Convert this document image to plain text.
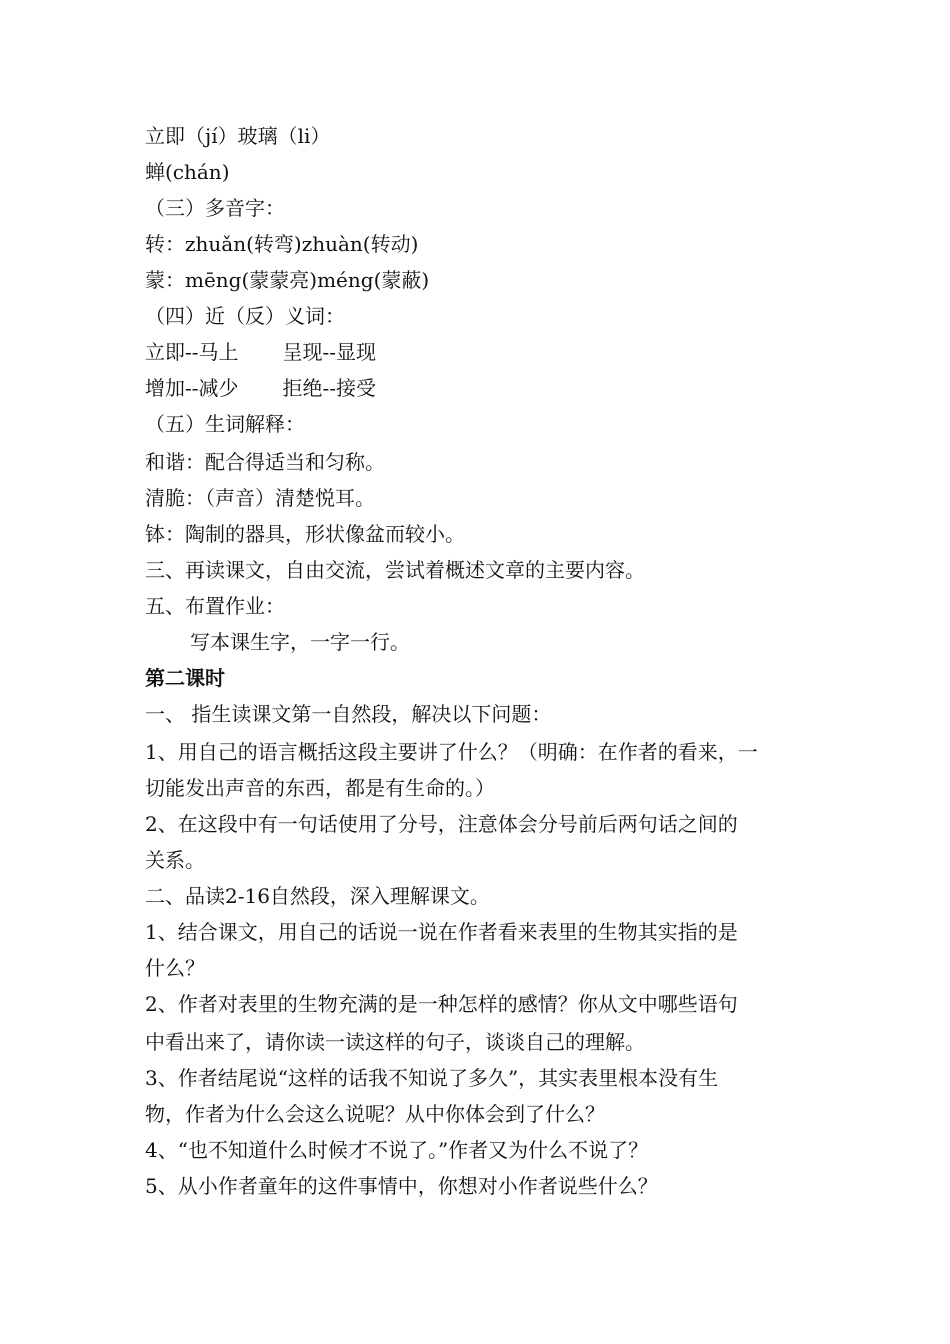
立即（jí）玻璃（li）
蝉(chán)
（三）多音字：
转：zhuǎn(转弯)zhuàn(转动)
蒙：mēng(蒙蒙亮)méng(蒙蔽)
（四）近（反）义词：
立即--马上 呈现--显现
增加--减少 拒绝--接受
（五）生词解释：
和谐：配合得适当和匀称。
清脆：（声音）清楚悦耳。
钵：陶制的器具，形状像盆而较小。
三、再读课文，自由交流，尝试着概述文章的主要内容。
五、布置作业：
写本课生字，一字一行。
第二课时
一、 指生读课文第一自然段，解决以下问题：
1、用自己的语言概括这段主要讲了什么？（明确：在作者的看来，一
切能发出声音的东西，都是有生命的。）
2、在这段中有一句话使用了分号，注意体会分号前后两句话之间的
关系。
二、品读2-16自然段，深入理解课文。
1、结合课文，用自己的话说一说在作者看来表里的生物其实指的是
什么？
2、作者对表里的生物充满的是一种怎样的感情？你从文中哪些语句
中看出来了，请你读一读这样的句子，谈谈自己的理解。
3、作者结尾说“这样的话我不知说了多久”，其实表里根本没有生
物，作者为什么会这么说呢？从中你体会到了什么？
4、“也不知道什么时候才不说了。”作者又为什么不说了？
5、从小作者童年的这件事情中，你想对小作者说些什么？
